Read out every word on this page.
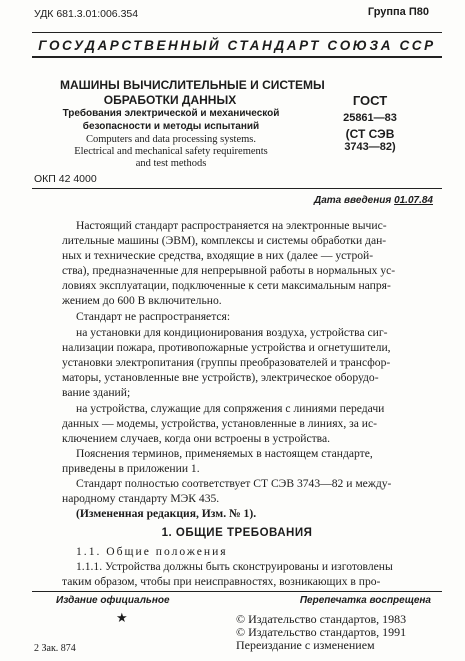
УДК 681.3.01:006.354	Группа П80
ГОСУДАРСТВЕННЫЙ СТАНДАРТ СОЮЗА ССР
МАШИНЫ ВЫЧИСЛИТЕЛЬНЫЕ И СИСТЕМЫ
ОБРАБОТКИ ДАННЫХ
Требования электрической и механической
безопасности и методы испытаний
Computers and data processing systems.
Electrical and mechanical safety requirements
and test methods
ГОСТ
25861—83
(СТ СЭВ
3743—82)
ОКП 42 4000
Дата введения 01.07.84
Настоящий стандарт распространяется на электронные вычис-
лительные машины (ЭВМ), комплексы и системы обработки дан-
ных и технические средства, входящие в них (далее — устрой-
ства), предназначенные для непрерывной работы в нормальных ус-
ловиях эксплуатации, подключенные к сети максимальным напря-
жением до 600 В включительно.
Стандарт не распространяется:
на установки для кондиционирования воздуха, устройства сиг-
нализации пожара, противопожарные устройства и огнетушители,
установки электропитания (группы преобразователей и трансфор-
маторы, установленные вне устройств), электрическое оборудо-
вание зданий;
на устройства, служащие для сопряжения с линиями передачи
данных — модемы, устройства, установленные в линиях, за ис-
ключением случаев, когда они встроены в устройства.
Пояснения терминов, применяемых в настоящем стандарте,
приведены в приложении 1.
Стандарт полностью соответствует СТ СЭВ 3743—82 и между-
народному стандарту МЭК 435.
(Измененная редакция, Изм. № 1).
1. ОБЩИЕ ТРЕБОВАНИЯ
1.1. Общие положения
1.1.1. Устройства должны быть сконструированы и изготовлены
таким образом, чтобы при неисправностях, возникающих в про-
Издание официальное	Перепечатка воспрещена
★	© Издательство стандартов, 1983
© Издательство стандартов, 1991
Переиздание с изменением
2 Зак. 874
